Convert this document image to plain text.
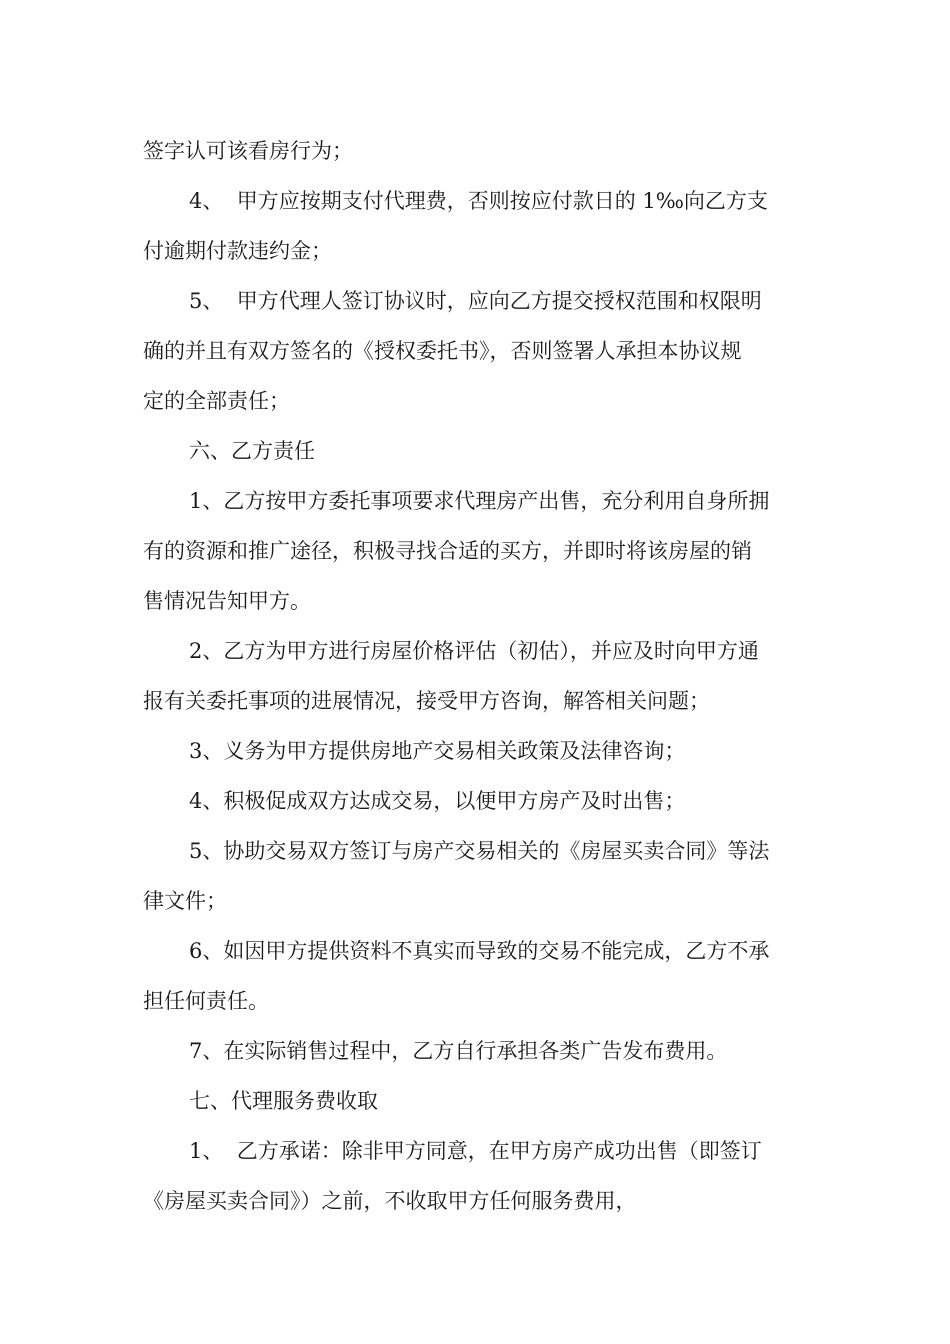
签字认可该看房行为；
4、  甲方应按期支付代理费，否则按应付款日的 1‰向乙方支
付逾期付款违约金；
5、  甲方代理人签订协议时，应向乙方提交授权范围和权限明
确的并且有双方签名的《授权委托书》，否则签署人承担本协议规
定的全部责任；
六、乙方责任
1、乙方按甲方委托事项要求代理房产出售，充分利用自身所拥
有的资源和推广途径，积极寻找合适的买方，并即时将该房屋的销
售情况告知甲方。
2、乙方为甲方进行房屋价格评估（初估），并应及时向甲方通
报有关委托事项的进展情况，接受甲方咨询，解答相关问题；
3、义务为甲方提供房地产交易相关政策及法律咨询；
4、积极促成双方达成交易，以便甲方房产及时出售；
5、协助交易双方签订与房产交易相关的《房屋买卖合同》等法
律文件；
6、如因甲方提供资料不真实而导致的交易不能完成，乙方不承
担任何责任。
7、在实际销售过程中，乙方自行承担各类广告发布费用。
七、代理服务费收取
1、  乙方承诺：除非甲方同意，在甲方房产成功出售（即签订
《房屋买卖合同》）之前，不收取甲方任何服务费用，
